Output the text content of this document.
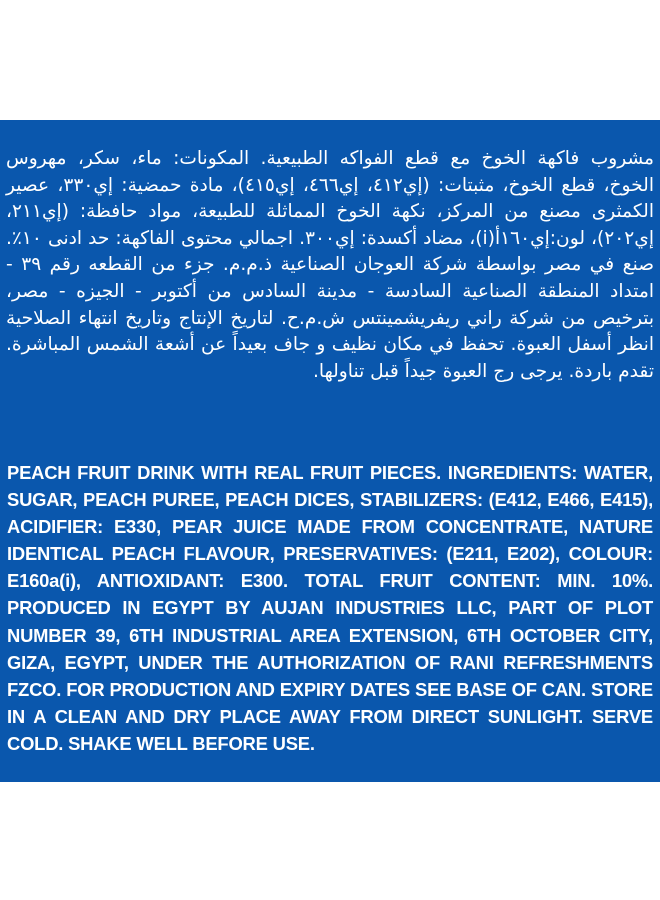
مشروب فاكهة الخوخ مع قطع الفواكه الطبيعية. المكونات: ماء، سكر، مهروس الخوخ، قطع الخوخ، مثبتات: (إي٤١٢، إي٤٦٦، إي٤١٥)، مادة حمضية: إي٣٣٠، عصير الكمثرى مصنع من المركز، نكهة الخوخ المماثلة للطبيعة، مواد حافظة: (إي٢١١، إي٢٠٢)، لون:إي١٦٠أ(i)، مضاد أكسدة: إي٣٠٠. اجمالي محتوى الفاكهة: حد ادنى ١٠٪. صنع في مصر بواسطة شركة العوجان الصناعية ذ.م.م. جزء من القطعه رقم ٣٩ - امتداد المنطقة الصناعية السادسة - مدينة السادس من أكتوبر - الجيزه - مصر، بترخيص من شركة راني ريفريشمينتس ش.م.ح. لتاريخ الإنتاج وتاريخ انتهاء الصلاحية انظر أسفل العبوة. تحفظ في مكان نظيف و جاف بعيداً عن أشعة الشمس المباشرة. تقدم باردة. يرجى رج العبوة جيداً قبل تناولها.

PEACH FRUIT DRINK WITH REAL FRUIT PIECES. INGREDIENTS: WATER, SUGAR, PEACH PUREE, PEACH DICES, STABILIZERS: (E412, E466, E415), ACIDIFIER: E330, PEAR JUICE MADE FROM CONCENTRATE, NATURE IDENTICAL PEACH FLAVOUR, PRESERVATIVES: (E211, E202), COLOUR: E160a(i), ANTIOXIDANT: E300. TOTAL FRUIT CONTENT: MIN. 10%. PRODUCED IN EGYPT BY AUJAN INDUSTRIES LLC, PART OF PLOT NUMBER 39, 6TH INDUSTRIAL AREA EXTENSION, 6TH OCTOBER CITY, GIZA, EGYPT, UNDER THE AUTHORIZATION OF RANI REFRESHMENTS FZCO. FOR PRODUCTION AND EXPIRY DATES SEE BASE OF CAN. STORE IN A CLEAN AND DRY PLACE AWAY FROM DIRECT SUNLIGHT. SERVE COLD. SHAKE WELL BEFORE USE.
